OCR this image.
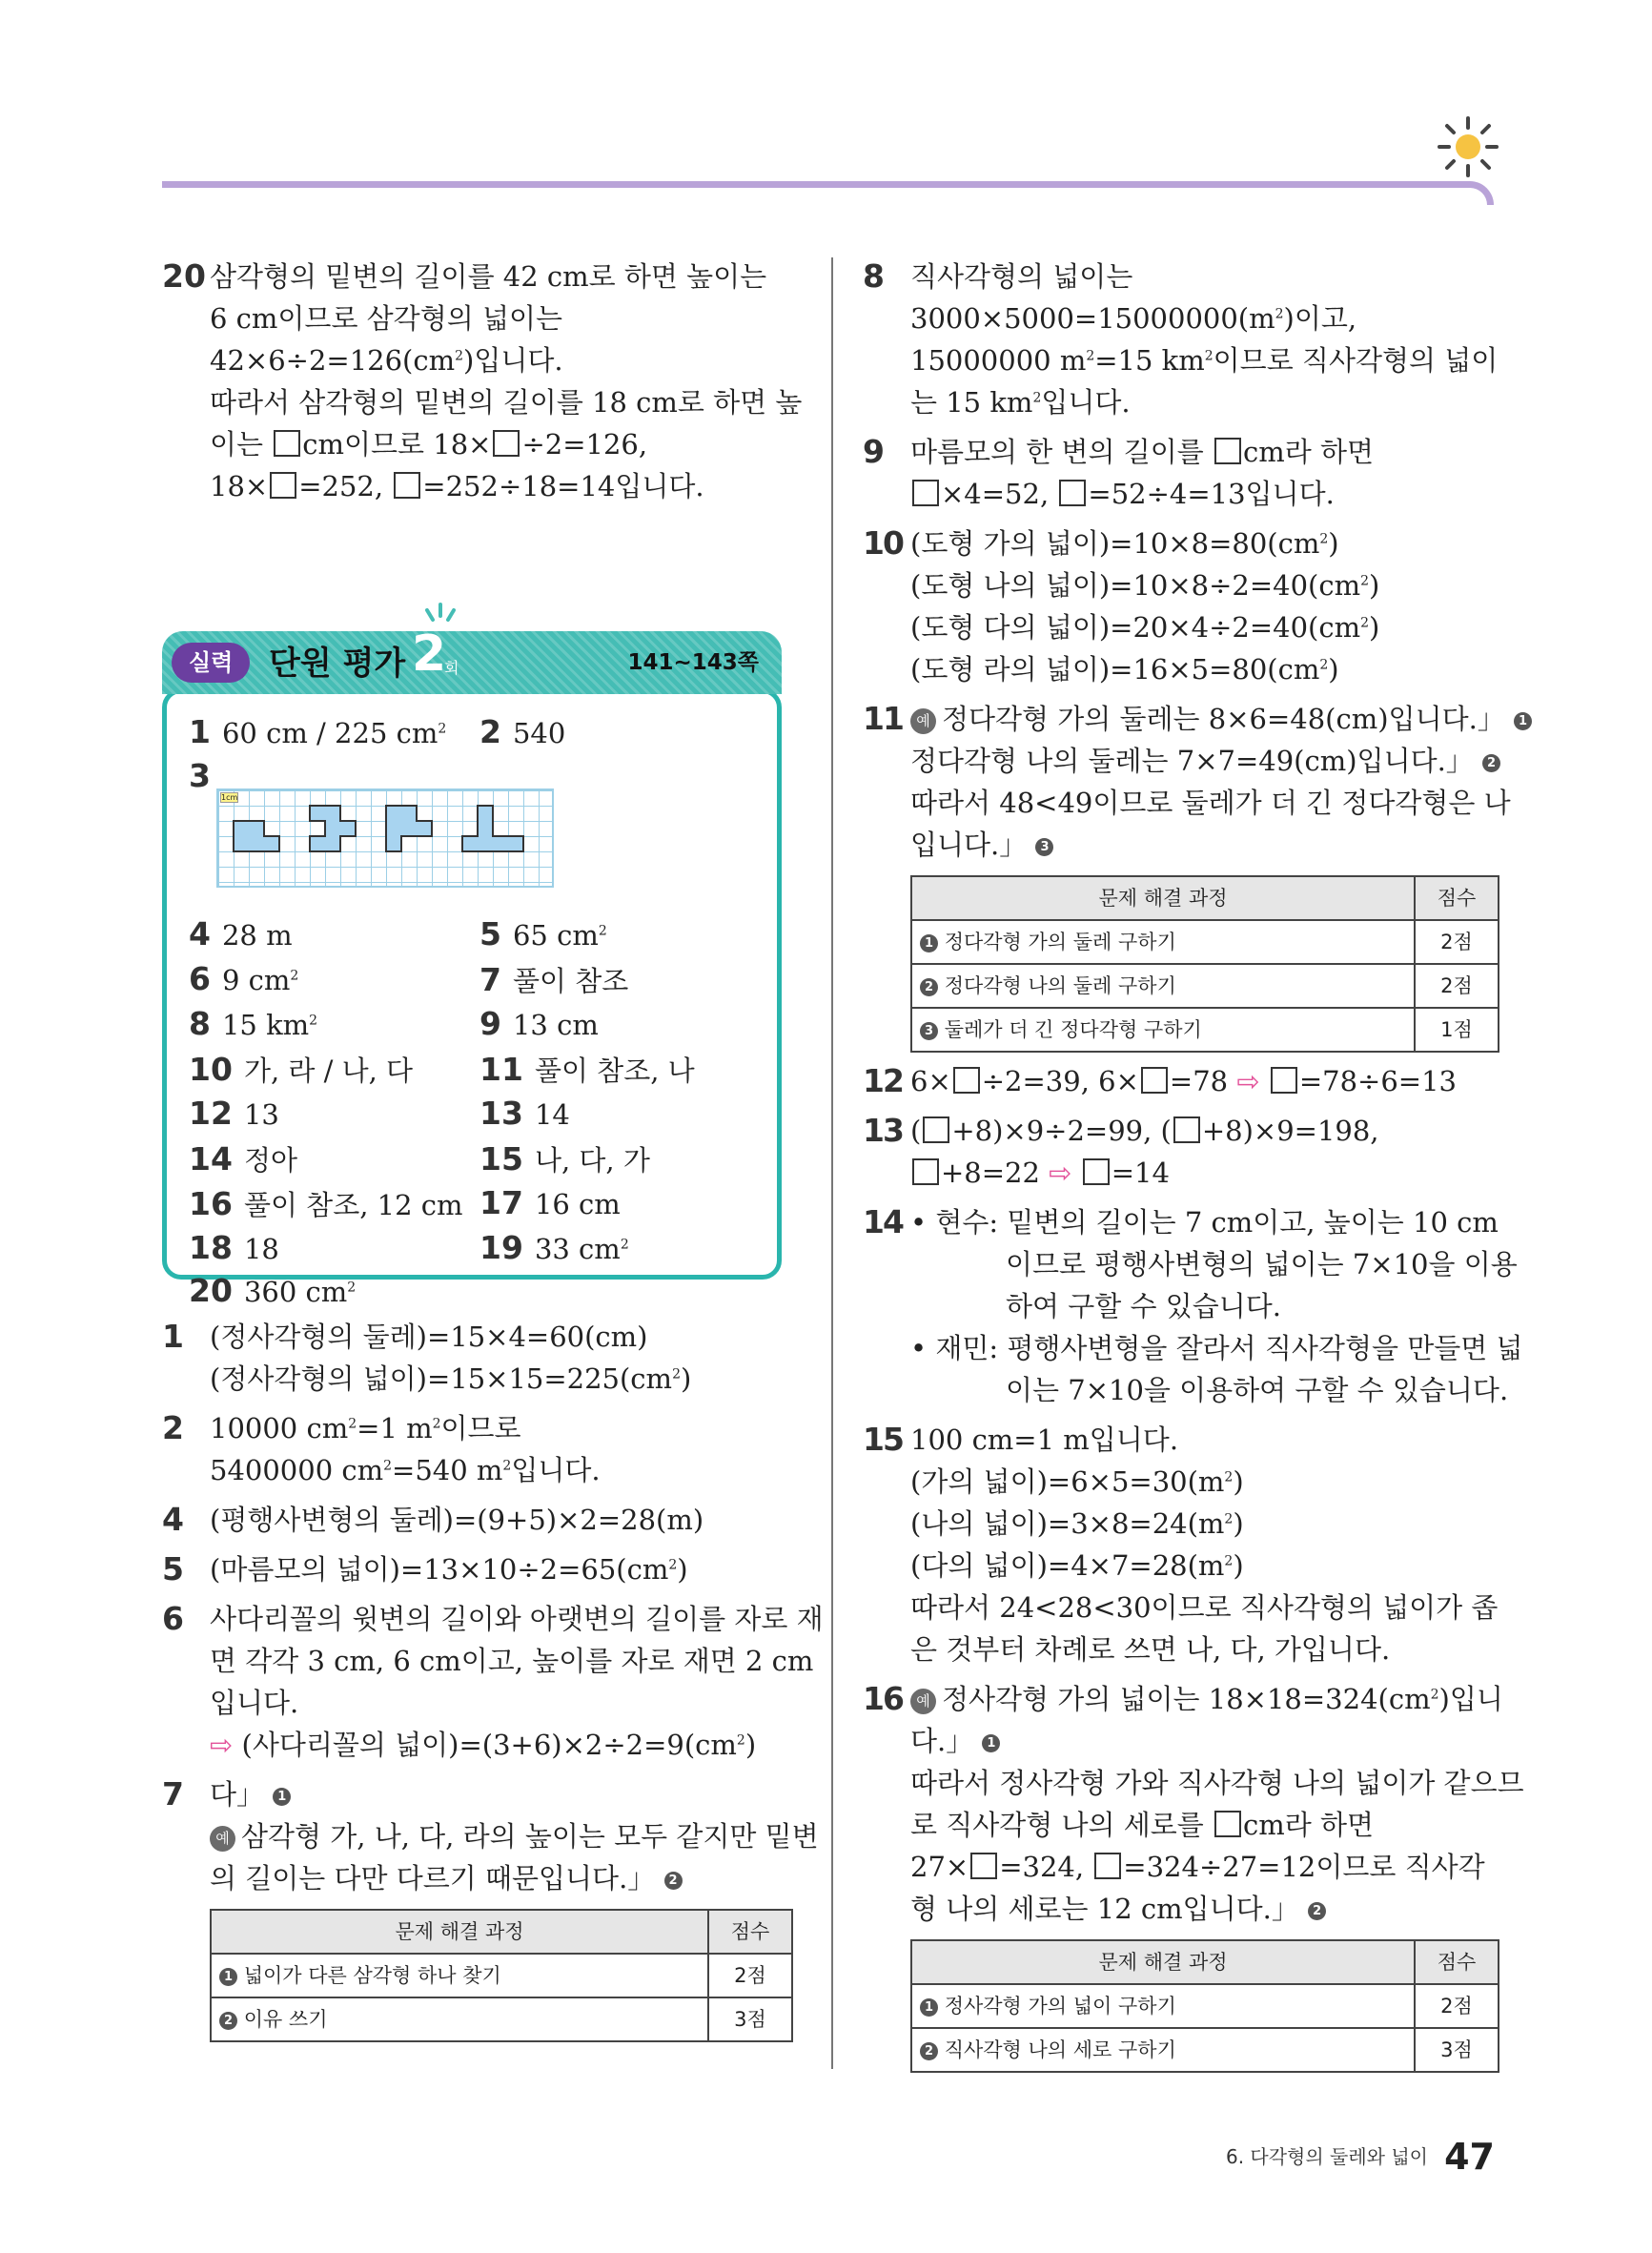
20 삼각형의 밑변의 길이를 42 cm로 하면 높이는
6 cm이므로 삼각형의 넓이는
$42\times 6\div 2=126(cm^2)$입니다.
따라서 삼각형의 밑변의 길이를 18 cm로 하면 높
이는 cm이므로 18× ÷2=126,
18× =252, =252÷18=14입니다.
실력	단원 평가 2
회	141~143쪽
1 60 cm / 225 $cm^2$ 2 540
3
1cm
4 28 m	5 65 $cm^2$
6 9 $cm^2$	7 풀이 참조
8 15 $km^2$	9 13 cm
10 가, 라 / 나, 다 11 풀이 참조, 나
12 13	13 14
14 정아	15 나, 다, 가
16 풀이 참조, 12 cm 17 16 cm
18 18	19 33 $cm^2$
20 360 $cm^2$
1 (정사각형의 둘레)=15×4=60(cm)
(정사각형의 넓이)$=15\times 15=225(cm^2)$
2 10000 $cm^2=1$ $m^2$이므로
5400000 $cm^2=540$ $m^2$입니다.
4 (평행사변형의 둘레)=(9+5)×2=28(m)
5 (마름모의 넓이)$=13\times 10\div 2=65(cm^2)$
6 사다리꼴의 윗변의 길이와 아랫변의 길이를 자로 재
면 각각 3 cm, 6 cm이고, 높이를 자로 재면 2 cm
입니다.
⇨ (사다리꼴의 넓이)$=(3+6)\times 2\div 2=9(cm^2)$
7 다」 1
예 삼각형 가, 나, 다, 라의 높이는 모두 같지만 밑변
의 길이는 다만 다르기 때문입니다.」 2
문제 해결 과정	점수
1 넓이가 다른 삼각형 하나 찾기	2점
2 이유 쓰기	3점
8 직사각형의 넓이는
$3000\times 5000=15000000(m^2)$이고,
15000000 $m^2=15$ $km^2$이므로 직사각형의 넓이
는 15 $km^2$입니다.
9 마름모의 한 변의 길이를 cm라 하면
×4=52, =52÷4=13입니다.
10 (도형 가의 넓이)$=10\times 8=80(cm^2)$
(도형 나의 넓이)$=10\times 8\div 2=40(cm^2)$
(도형 다의 넓이)$=20\times 4\div 2=40(cm^2)$
(도형 라의 넓이)$=16\times 5=80(cm^2)$
11 예 정다각형 가의 둘레는 8×6=48(cm)입니다.」 1
정다각형 나의 둘레는 7×7=49(cm)입니다.」 2
따라서 48<49이므로 둘레가 더 긴 정다각형은 나
입니다.」 3
문제 해결 과정	점수
1 정다각형 가의 둘레 구하기	2점
2 정다각형 나의 둘레 구하기	2점
3 둘레가 더 긴 정다각형 구하기	1점
12 6× ÷2=39, 6× =78 ⇨ =78÷6=13
13 ( +8)×9÷2=99, ( +8)×9=198,
+8=22 ⇨ =14
14 • 현수: 밑변의 길이는 7 cm이고, 높이는 10 cm
이므로 평행사변형의 넓이는 7×10을 이용
하여 구할 수 있습니다.
• 재민: 평행사변형을 잘라서 직사각형을 만들면 넓
이는 7×10을 이용하여 구할 수 있습니다.
15 100 cm=1 m입니다.
(가의 넓이)$=6\times 5=30(m^2)$
(나의 넓이)$=3\times 8=24(m^2)$
(다의 넓이)$=4\times 7=28(m^2)$
따라서 24<28<30이므로 직사각형의 넓이가 좁
은 것부터 차례로 쓰면 나, 다, 가입니다.
16 예 정사각형 가의 넓이는 $18\times 18=324(cm^2)$입니
다.」 1
따라서 정사각형 가와 직사각형 나의 넓이가 같으므
로 직사각형 나의 세로를 cm라 하면
27× =324, =324÷27=12이므로 직사각
형 나의 세로는 12 cm입니다.」 2
문제 해결 과정	점수
1 정사각형 가의 넓이 구하기	2점
2 직사각형 나의 세로 구하기	3점
6. 다각형의 둘레와 넓이 47
